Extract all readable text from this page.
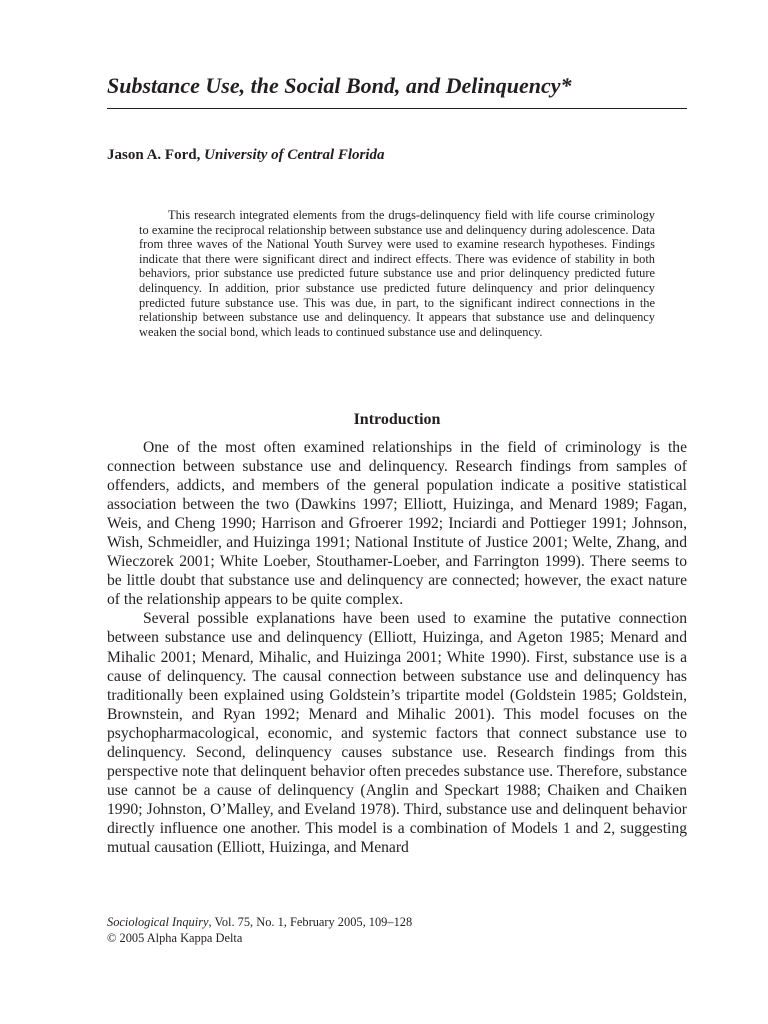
Substance Use, the Social Bond, and Delinquency*
Jason A. Ford, University of Central Florida

This research integrated elements from the drugs-delinquency field with life course criminology to examine the reciprocal relationship between substance use and delinquency during adolescence. Data from three waves of the National Youth Survey were used to examine research hypotheses. Findings indicate that there were significant direct and indirect effects. There was evidence of stability in both behaviors, prior substance use predicted future substance use and prior delinquency predicted future delinquency. In addition, prior substance use predicted future delinquency and prior delinquency predicted future substance use. This was due, in part, to the significant indirect connections in the relationship between substance use and delinquency. It appears that substance use and delinquency weaken the social bond, which leads to continued substance use and delinquency.

Introduction

One of the most often examined relationships in the field of criminology is the connection between substance use and delinquency. Research findings from samples of offenders, addicts, and members of the general population indicate a positive statistical association between the two (Dawkins 1997; Elliott, Huizinga, and Menard 1989; Fagan, Weis, and Cheng 1990; Harrison and Gfroerer 1992; Inciardi and Pottieger 1991; Johnson, Wish, Schmeidler, and Huizinga 1991; National Institute of Justice 2001; Welte, Zhang, and Wieczorek 2001; White Loeber, Stouthamer-Loeber, and Farrington 1999). There seems to be little doubt that substance use and delinquency are connected; however, the exact nature of the relationship appears to be quite complex.

Several possible explanations have been used to examine the putative connection between substance use and delinquency (Elliott, Huizinga, and Ageton 1985; Menard and Mihalic 2001; Menard, Mihalic, and Huizinga 2001; White 1990). First, substance use is a cause of delinquency. The causal connection between substance use and delinquency has traditionally been explained using Goldstein’s tripartite model (Goldstein 1985; Goldstein, Brownstein, and Ryan 1992; Menard and Mihalic 2001). This model focuses on the psychopharmacological, economic, and systemic factors that connect substance use to delinquency. Second, delinquency causes substance use. Research findings from this perspective note that delinquent behavior often precedes substance use. Therefore, substance use cannot be a cause of delinquency (Anglin and Speckart 1988; Chaiken and Chaiken 1990; Johnston, O’Malley, and Eveland 1978). Third, substance use and delinquent behavior directly influence one another. This model is a combination of Models 1 and 2, suggesting mutual causation (Elliott, Huizinga, and Menard

Sociological Inquiry, Vol. 75, No. 1, February 2005, 109–128
© 2005 Alpha Kappa Delta
